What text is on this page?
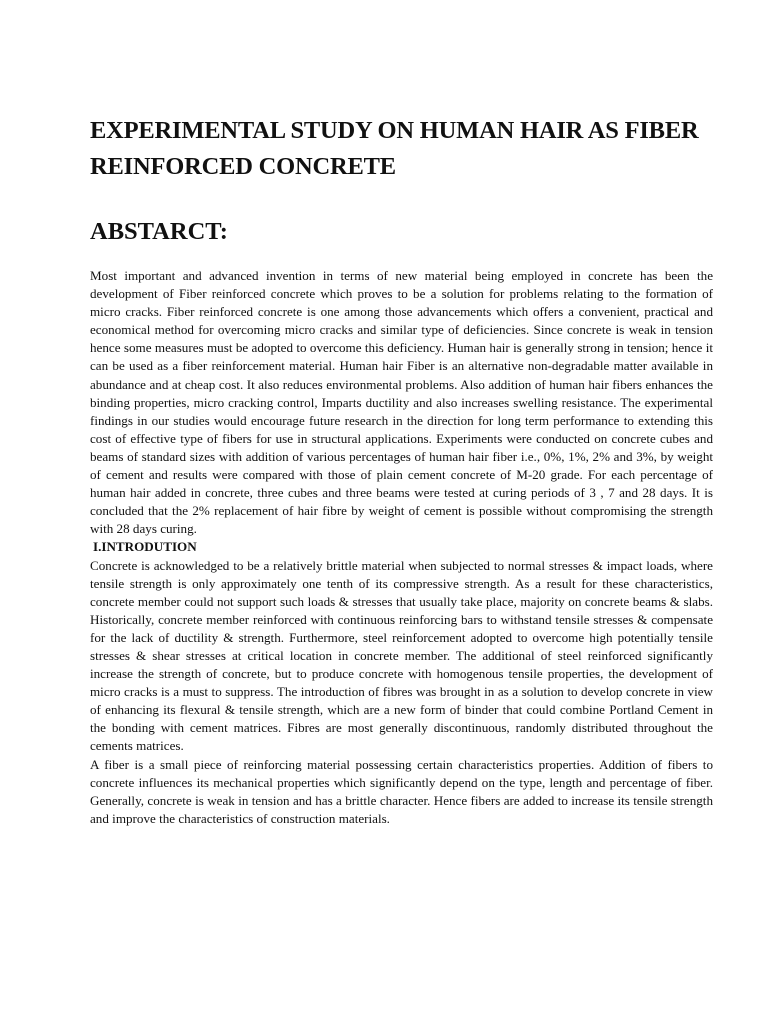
EXPERIMENTAL STUDY ON HUMAN HAIR AS FIBER REINFORCED CONCRETE
ABSTARCT:

Most important and advanced invention in terms of new material being employed in concrete has been the development of Fiber reinforced concrete which proves to be a solution for problems relating to the formation of micro cracks. Fiber reinforced concrete is one among those advancements which offers a convenient, practical and economical method for overcoming micro cracks and similar type of deficiencies. Since concrete is weak in tension hence some measures must be adopted to overcome this deficiency. Human hair is generally strong in tension; hence it can be used as a fiber reinforcement material. Human hair Fiber is an alternative non-degradable matter available in abundance and at cheap cost. It also reduces environmental problems. Also addition of human hair fibers enhances the binding properties, micro cracking control, Imparts ductility and also increases swelling resistance. The experimental findings in our studies would encourage future research in the direction for long term performance to extending this cost of effective type of fibers for use in structural applications. Experiments were conducted on concrete cubes and beams of standard sizes with addition of various percentages of human hair fiber i.e., 0%, 1%, 2% and 3%, by weight of cement and results were compared with those of plain cement concrete of M-20 grade. For each percentage of human hair added in concrete, three cubes and three beams were tested at curing periods of 3 , 7 and 28 days. It is concluded that the 2% replacement of hair fibre by weight of cement is possible without compromising the strength with 28 days curing.

I.INTRODUTION

Concrete is acknowledged to be a relatively brittle material when subjected to normal stresses & impact loads, where tensile strength is only approximately one tenth of its compressive strength. As a result for these characteristics, concrete member could not support such loads & stresses that usually take place, majority on concrete beams & slabs. Historically, concrete member reinforced with continuous reinforcing bars to withstand tensile stresses & compensate for the lack of ductility & strength. Furthermore, steel reinforcement adopted to overcome high potentially tensile stresses & shear stresses at critical location in concrete member. The additional of steel reinforced significantly increase the strength of concrete, but to produce concrete with homogenous tensile properties, the development of micro cracks is a must to suppress. The introduction of fibres was brought in as a solution to develop concrete in view of enhancing its flexural & tensile strength, which are a new form of binder that could combine Portland Cement in the bonding with cement matrices. Fibres are most generally discontinuous, randomly distributed throughout the cements matrices.

A fiber is a small piece of reinforcing material possessing certain characteristics properties. Addition of fibers to concrete influences its mechanical properties which significantly depend on the type, length and percentage of fiber. Generally, concrete is weak in tension and has a brittle character. Hence fibers are added to increase its tensile strength and improve the characteristics of construction materials.
